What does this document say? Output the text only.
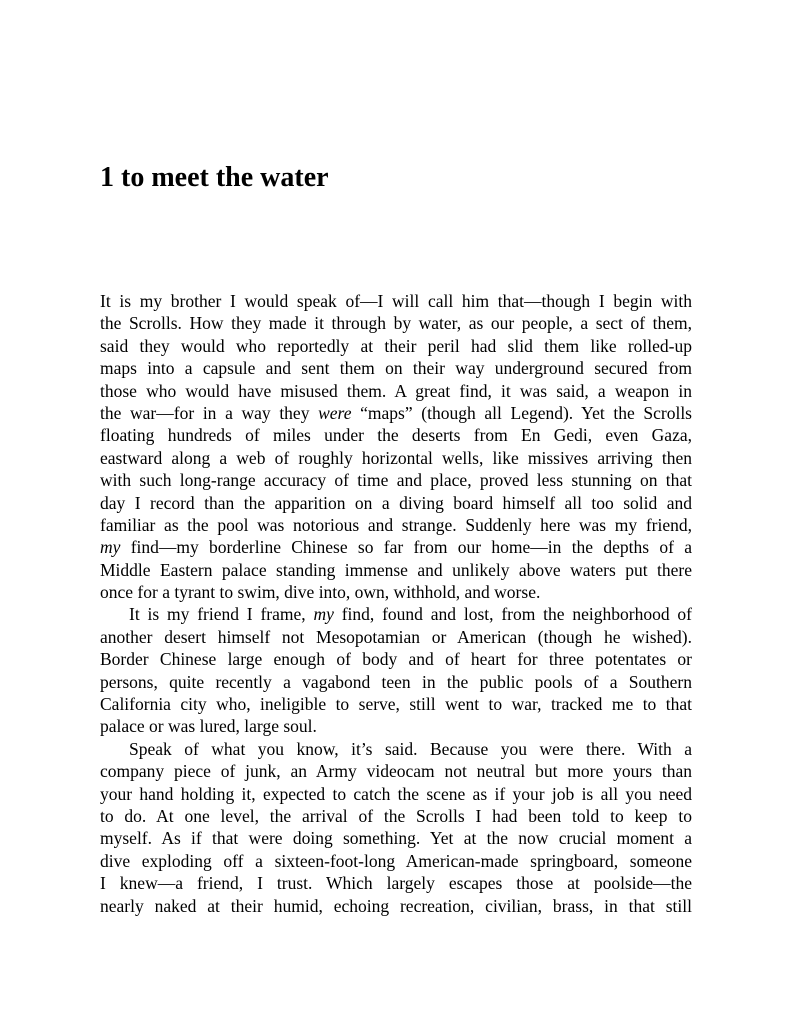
1 to meet the water
It is my brother I would speak of—I will call him that—though I begin with
the Scrolls. How they made it through by water, as our people, a sect of them,
said they would who reportedly at their peril had slid them like rolled-up
maps into a capsule and sent them on their way underground secured from
those who would have misused them. A great find, it was said, a weapon in
the war—for in a way they were “maps” (though all Legend). Yet the Scrolls
floating hundreds of miles under the deserts from En Gedi, even Gaza,
eastward along a web of roughly horizontal wells, like missives arriving then
with such long-range accuracy of time and place, proved less stunning on that
day I record than the apparition on a diving board himself all too solid and
familiar as the pool was notorious and strange. Suddenly here was my friend,
my find—my borderline Chinese so far from our home—in the depths of a
Middle Eastern palace standing immense and unlikely above waters put there
once for a tyrant to swim, dive into, own, withhold, and worse.
It is my friend I frame, my find, found and lost, from the neighborhood of
another desert himself not Mesopotamian or American (though he wished).
Border Chinese large enough of body and of heart for three potentates or
persons, quite recently a vagabond teen in the public pools of a Southern
California city who, ineligible to serve, still went to war, tracked me to that
palace or was lured, large soul.
Speak of what you know, it’s said. Because you were there. With a
company piece of junk, an Army videocam not neutral but more yours than
your hand holding it, expected to catch the scene as if your job is all you need
to do. At one level, the arrival of the Scrolls I had been told to keep to
myself. As if that were doing something. Yet at the now crucial moment a
dive exploding off a sixteen-foot-long American-made springboard, someone
I knew—a friend, I trust. Which largely escapes those at poolside—the
nearly naked at their humid, echoing recreation, civilian, brass, in that still
